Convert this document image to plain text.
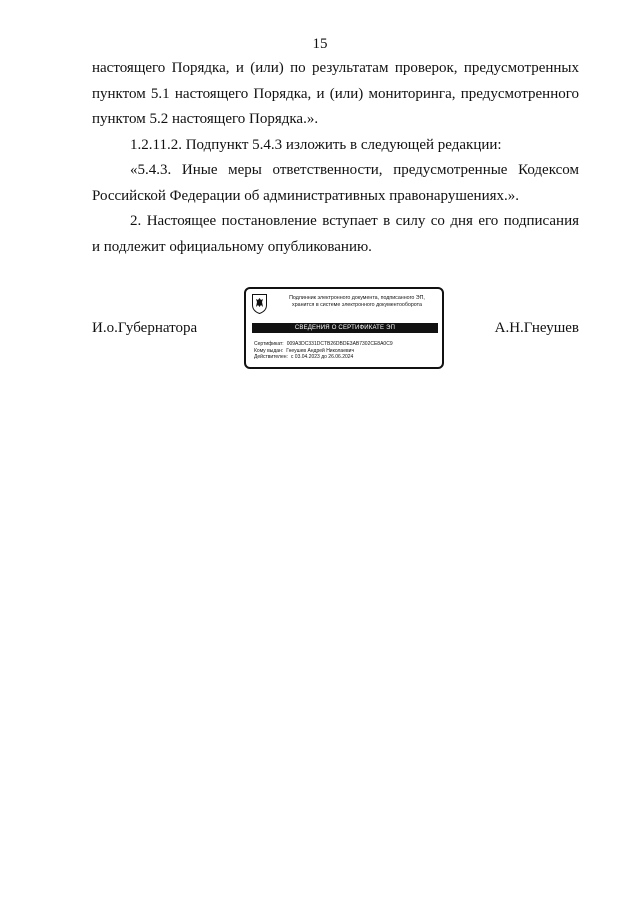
15

настоящего Порядка, и (или) по результатам проверок, предусмотренных

пунктом 5.1 настоящего Порядка, и (или) мониторинга, предусмотренного

пунктом 5.2 настоящего Порядка.».

1.2.11.2. Подпункт 5.4.3 изложить в следующей редакции:

«5.4.3. Иные меры ответственности, предусмотренные Кодексом

Российской Федерации об административных правонарушениях.».

2. Настоящее постановление вступает в силу со дня его подписания

и подлежит официальному опубликованию.

И.о.Губернатора	А.Н.Гнеушев
Подлинник электронного документа, подписанного ЭП,
хранится в системе электронного документооборота
СВЕДЕНИЯ О СЕРТИФИКАТЕ ЭП
Сертификат: 009A3DC331DCTB26DBDE3AB7302CE8A0C9
Кому выдан: Гнеушев Андрей Николаевич
Действителен: с 03.04.2023 до 26.06.2024
